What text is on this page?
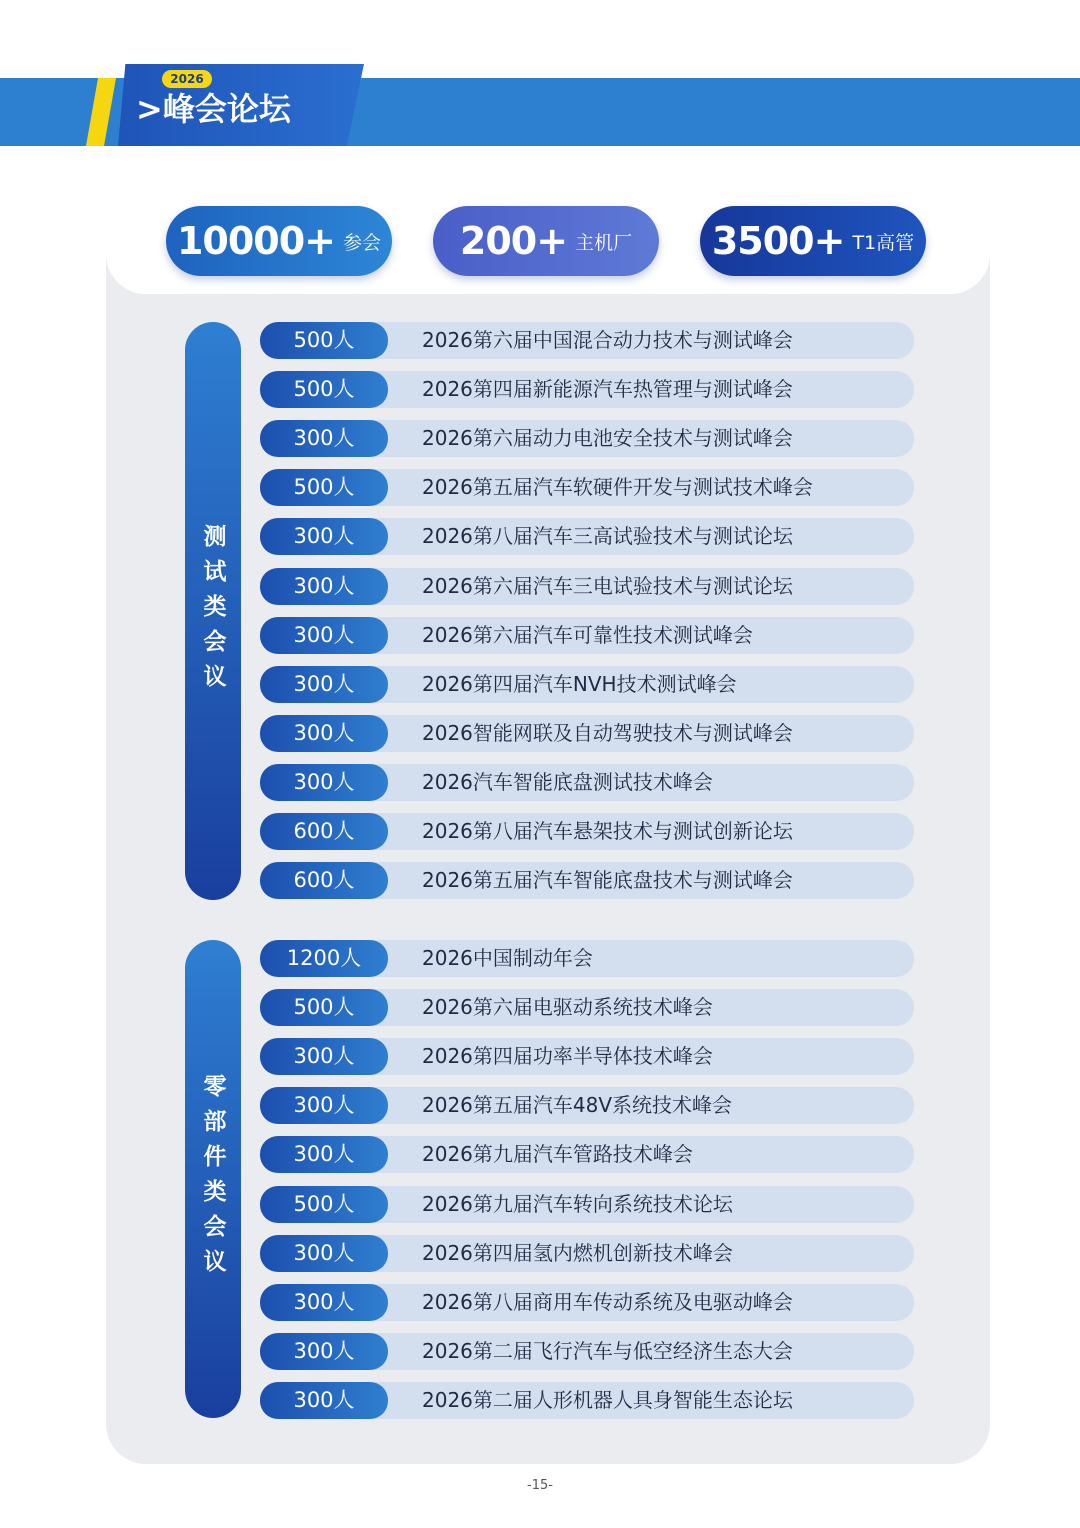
2026
>峰会论坛
10000+ 参会 200+ 主机厂 3500+ T1高管
测试类会议
零部件类会议
500人	2026第六届中国混合动力技术与测试峰会
500人	2026第四届新能源汽车热管理与测试峰会
300人	2026第六届动力电池安全技术与测试峰会
500人	2026第五届汽车软硬件开发与测试技术峰会
300人	2026第八届汽车三高试验技术与测试论坛
300人	2026第六届汽车三电试验技术与测试论坛
300人	2026第六届汽车可靠性技术测试峰会
300人	2026第四届汽车NVH技术测试峰会
300人	2026智能网联及自动驾驶技术与测试峰会
300人	2026汽车智能底盘测试技术峰会
600人	2026第八届汽车悬架技术与测试创新论坛
600人	2026第五届汽车智能底盘技术与测试峰会
1200人	2026中国制动年会
500人	2026第六届电驱动系统技术峰会
300人	2026第四届功率半导体技术峰会
300人	2026第五届汽车48V系统技术峰会
300人	2026第九届汽车管路技术峰会
500人	2026第九届汽车转向系统技术论坛
300人	2026第四届氢内燃机创新技术峰会
300人	2026第八届商用车传动系统及电驱动峰会
300人	2026第二届飞行汽车与低空经济生态大会
300人	2026第二届人形机器人具身智能生态论坛
-15-
